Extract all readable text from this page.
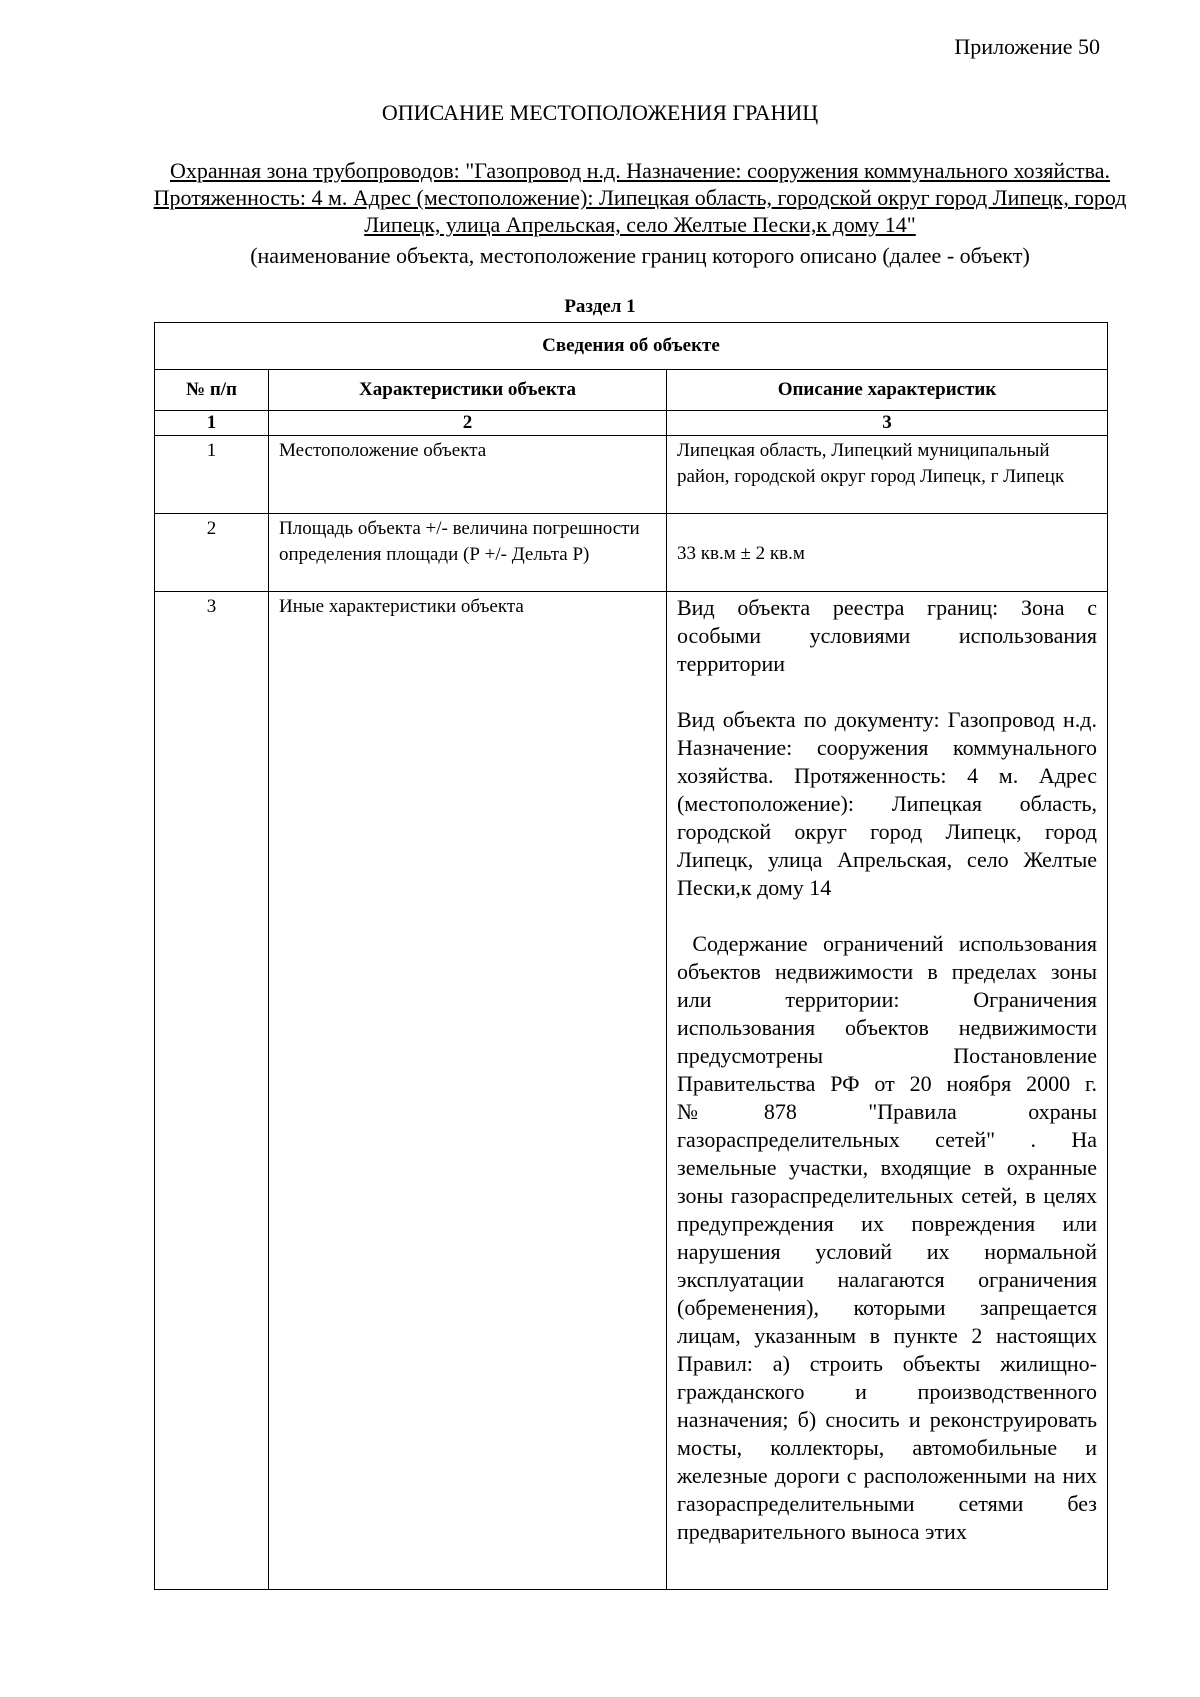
Приложение 50
ОПИСАНИЕ МЕСТОПОЛОЖЕНИЯ ГРАНИЦ
Охранная зона трубопроводов: "Газопровод н.д. Назначение: сооружения коммунального хозяйства. Протяженность: 4 м. Адрес (местоположение): Липецкая область, городской округ город Липецк, город Липецк, улица Апрельская, село Желтые Пески,к дому 14"
(наименование объекта, местоположение границ которого описано (далее - объект)
Раздел 1
Сведения об объекте		
№ п/п	Характеристики объекта	Описание характеристик
1	2	3
1	Местоположение объекта	Липецкая область, Липецкий муниципальный район, городской округ город Липецк, г Липецк
2	Площадь объекта +/- величина погрешности определения площади (Р +/- Дельта Р)	33 кв.м ± 2 кв.м
3	Иные характеристики объекта	Вид объекта реестра границ: Зона с особыми условиями использования территории

Вид объекта по документу: Газопровод н.д. Назначение: сооружения коммунального хозяйства. Протяженность: 4 м. Адрес (местоположение): Липецкая область, городской округ город Липецк, город Липецк, улица Апрельская, село Желтые Пески,к дому 14

Содержание ограничений использования объектов недвижимости в пределах зоны или территории: Ограничения использования объектов недвижимости предусмотрены Постановление Правительства РФ от 20 ноября 2000 г. №878 "Правила охраны газораспределительных сетей" . На земельные участки, входящие в охранные зоны газораспределительных сетей, в целях предупреждения их повреждения или нарушения условий их нормальной эксплуатации налагаются ограничения (обременения), которыми запрещается лицам, указанным в пункте 2 настоящих Правил: а) строить объекты жилищно-гражданского и производственного назначения; б) сносить и реконструировать мосты, коллекторы, автомобильные и железные дороги с расположенными на них газораспределительными сетями без предварительного выноса этих
